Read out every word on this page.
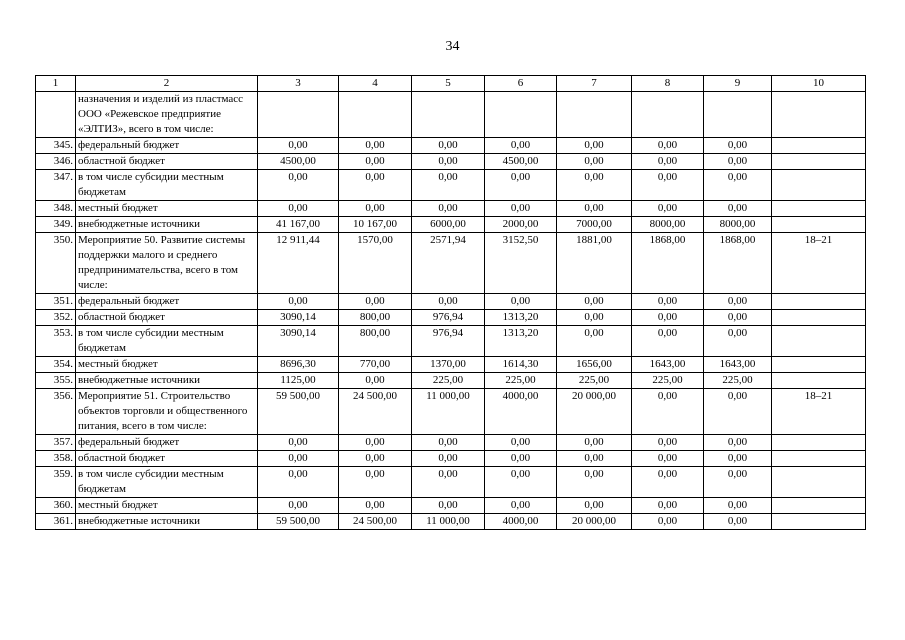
34
1	2	3	4	5	6	7	8	9	10
	назначения и изделий из пластмасс ООО «Режевское предприятие «ЭЛТИЗ», всего в том числе:								
345.	федеральный бюджет	0,00	0,00	0,00	0,00	0,00	0,00	0,00	
346.	областной бюджет	4500,00	0,00	0,00	4500,00	0,00	0,00	0,00	
347.	в том числе субсидии местным бюджетам	0,00	0,00	0,00	0,00	0,00	0,00	0,00	
348.	местный бюджет	0,00	0,00	0,00	0,00	0,00	0,00	0,00	
349.	внебюджетные источники	41 167,00	10 167,00	6000,00	2000,00	7000,00	8000,00	8000,00	
350.	Мероприятие 50. Развитие системы поддержки малого и среднего предпринимательства, всего в том числе:	12 911,44	1570,00	2571,94	3152,50	1881,00	1868,00	1868,00	18–21
351.	федеральный бюджет	0,00	0,00	0,00	0,00	0,00	0,00	0,00	
352.	областной бюджет	3090,14	800,00	976,94	1313,20	0,00	0,00	0,00	
353.	в том числе субсидии местным бюджетам	3090,14	800,00	976,94	1313,20	0,00	0,00	0,00	
354.	местный бюджет	8696,30	770,00	1370,00	1614,30	1656,00	1643,00	1643,00	
355.	внебюджетные источники	1125,00	0,00	225,00	225,00	225,00	225,00	225,00	
356.	Мероприятие 51. Строительство объектов торговли и общественного питания, всего в том числе:	59 500,00	24 500,00	11 000,00	4000,00	20 000,00	0,00	0,00	18–21
357.	федеральный бюджет	0,00	0,00	0,00	0,00	0,00	0,00	0,00	
358.	областной бюджет	0,00	0,00	0,00	0,00	0,00	0,00	0,00	
359.	в том числе субсидии местным бюджетам	0,00	0,00	0,00	0,00	0,00	0,00	0,00	
360.	местный бюджет	0,00	0,00	0,00	0,00	0,00	0,00	0,00	
361.	внебюджетные источники	59 500,00	24 500,00	11 000,00	4000,00	20 000,00	0,00	0,00	
